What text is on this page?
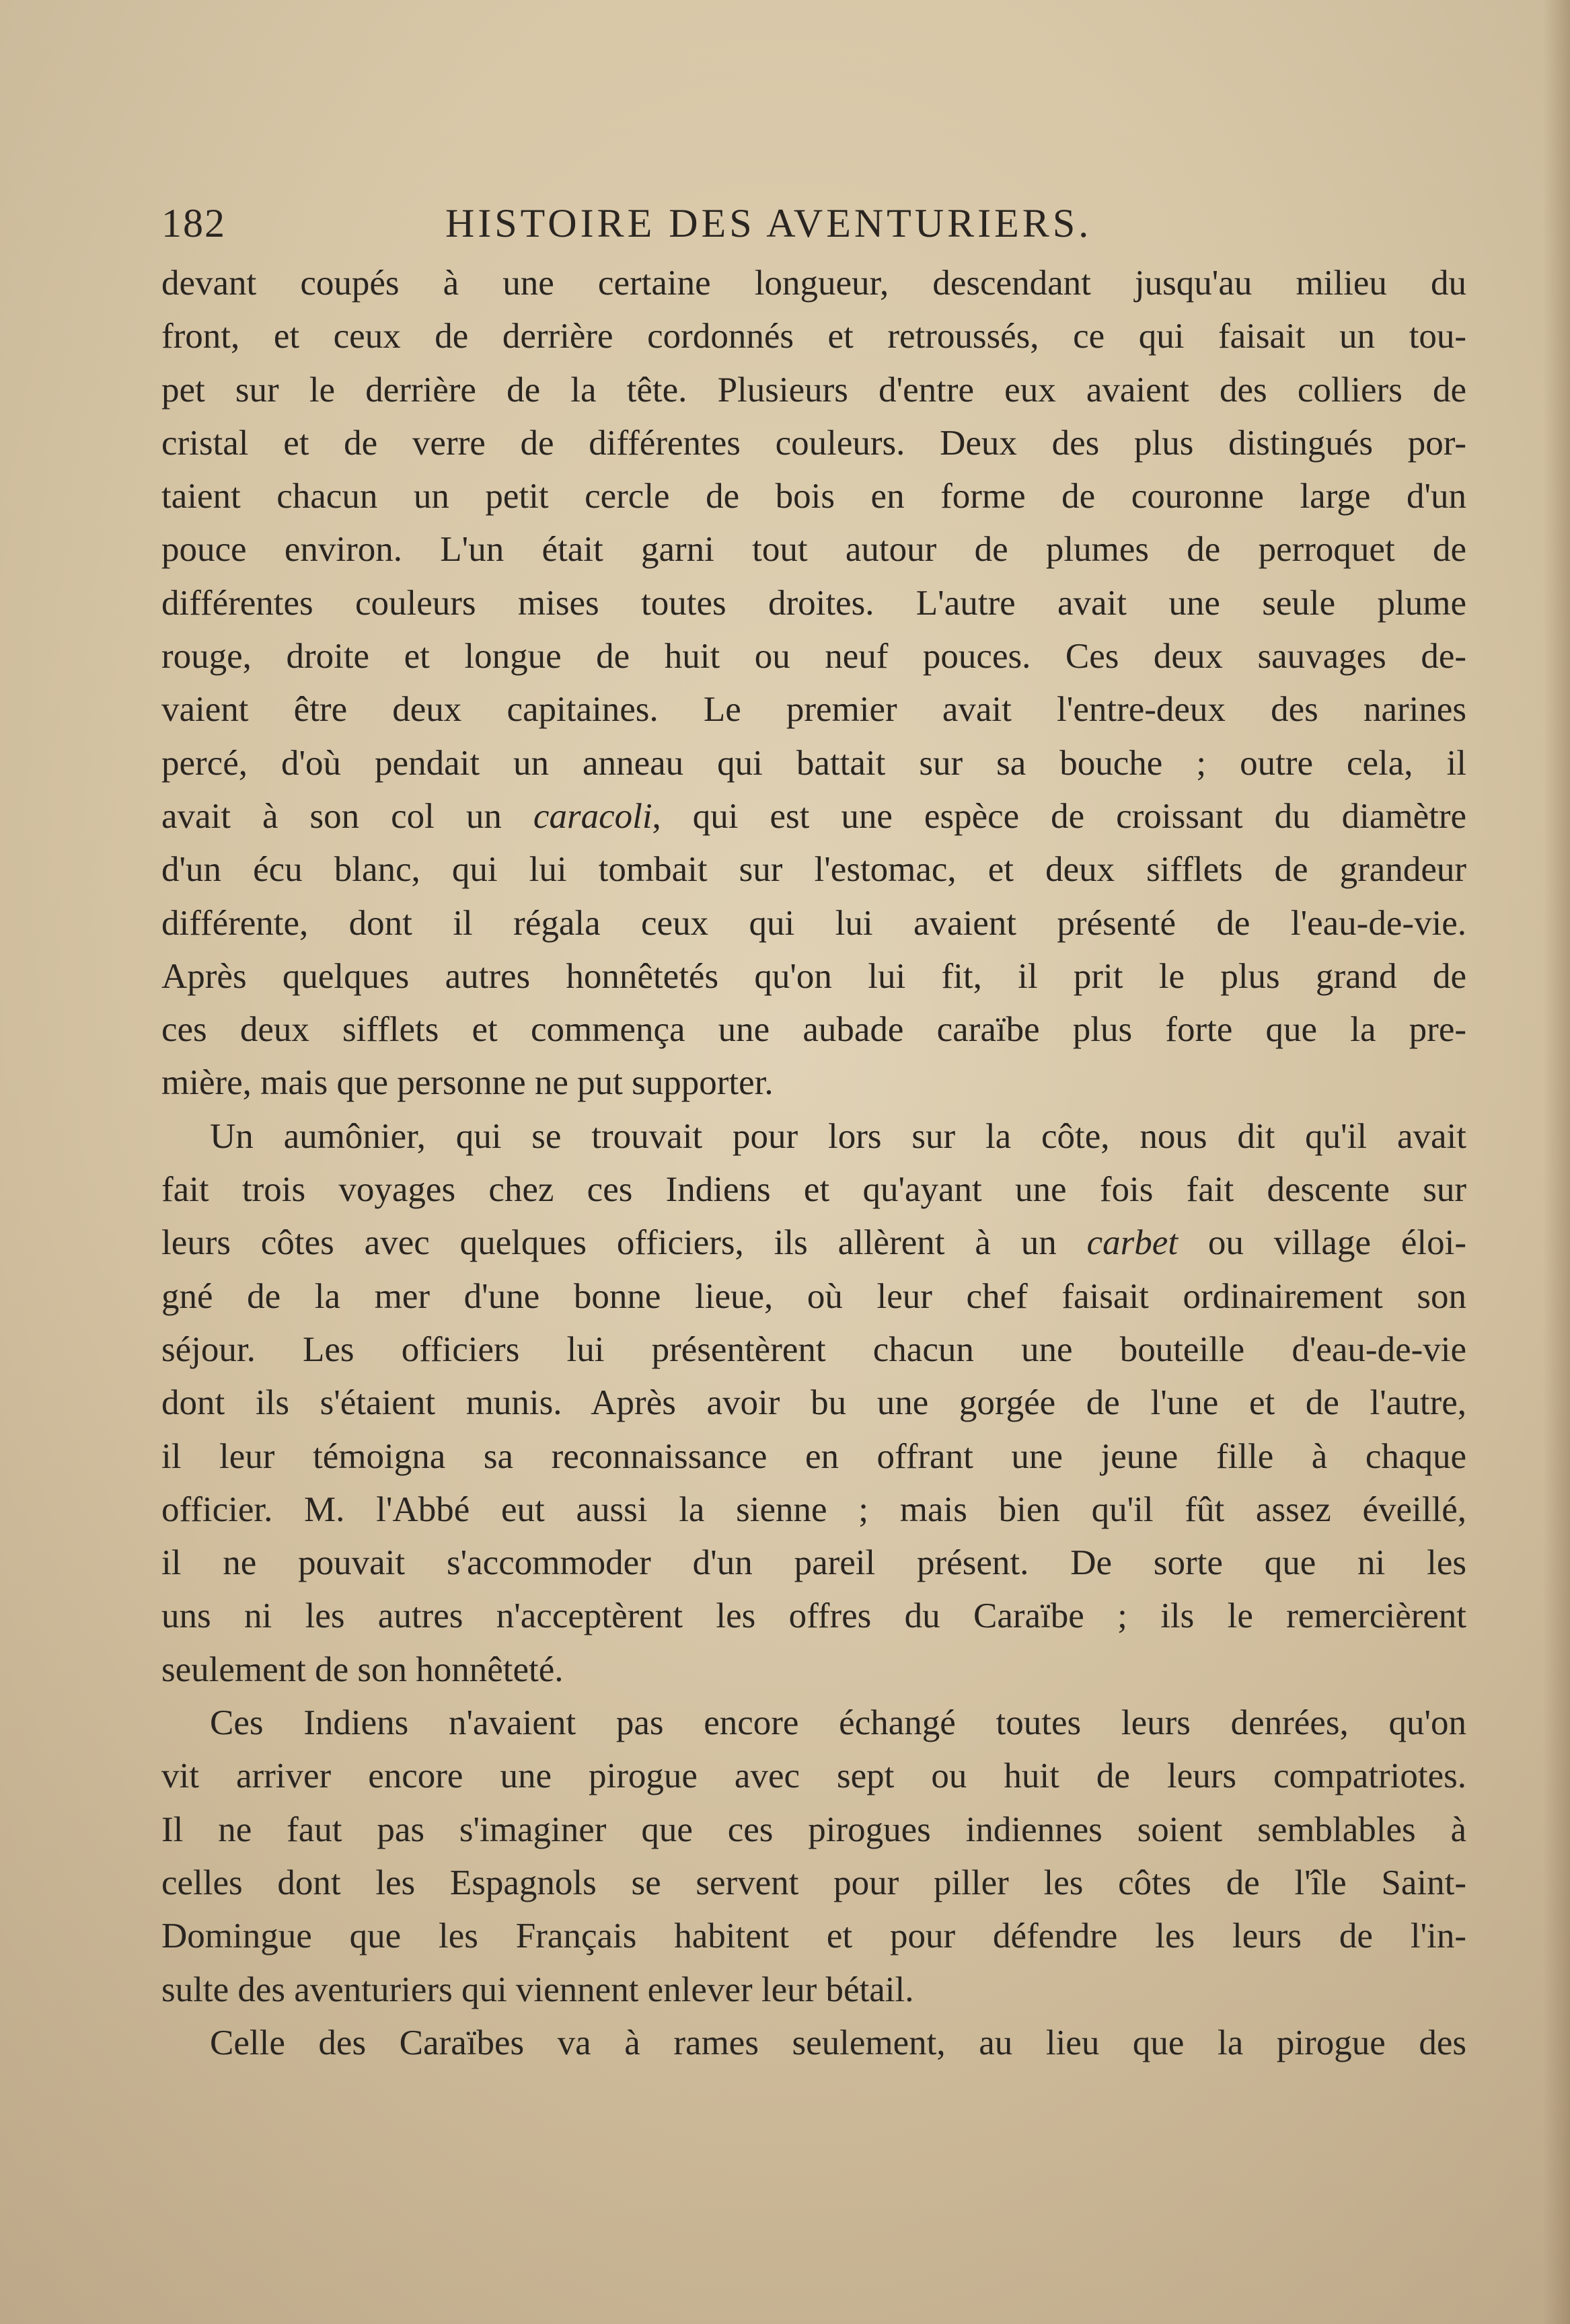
182	HISTOIRE DES AVENTURIERS.
devant coupés à une certaine longueur, descendant jusqu'au milieu du
front, et ceux de derrière cordonnés et retroussés, ce qui faisait un tou-
pet sur le derrière de la tête. Plusieurs d'entre eux avaient des colliers de
cristal et de verre de différentes couleurs. Deux des plus distingués por-
taient chacun un petit cercle de bois en forme de couronne large d'un
pouce environ. L'un était garni tout autour de plumes de perroquet de
différentes couleurs mises toutes droites. L'autre avait une seule plume
rouge, droite et longue de huit ou neuf pouces. Ces deux sauvages de-
vaient être deux capitaines. Le premier avait l'entre-deux des narines
percé, d'où pendait un anneau qui battait sur sa bouche ; outre cela, il
avait à son col un caracoli, qui est une espèce de croissant du diamètre
d'un écu blanc, qui lui tombait sur l'estomac, et deux sifflets de grandeur
différente, dont il régala ceux qui lui avaient présenté de l'eau-de-vie.
Après quelques autres honnêtetés qu'on lui fit, il prit le plus grand de
ces deux sifflets et commença une aubade caraïbe plus forte que la pre-
mière, mais que personne ne put supporter.
Un aumônier, qui se trouvait pour lors sur la côte, nous dit qu'il avait
fait trois voyages chez ces Indiens et qu'ayant une fois fait descente sur
leurs côtes avec quelques officiers, ils allèrent à un carbet ou village éloi-
gné de la mer d'une bonne lieue, où leur chef faisait ordinairement son
séjour. Les officiers lui présentèrent chacun une bouteille d'eau-de-vie
dont ils s'étaient munis. Après avoir bu une gorgée de l'une et de l'autre,
il leur témoigna sa reconnaissance en offrant une jeune fille à chaque
officier. M. l'Abbé eut aussi la sienne ; mais bien qu'il fût assez éveillé,
il ne pouvait s'accommoder d'un pareil présent. De sorte que ni les
uns ni les autres n'acceptèrent les offres du Caraïbe ; ils le remercièrent
seulement de son honnêteté.
Ces Indiens n'avaient pas encore échangé toutes leurs denrées, qu'on
vit arriver encore une pirogue avec sept ou huit de leurs compatriotes.
Il ne faut pas s'imaginer que ces pirogues indiennes soient semblables à
celles dont les Espagnols se servent pour piller les côtes de l'île Saint-
Domingue que les Français habitent et pour défendre les leurs de l'in-
sulte des aventuriers qui viennent enlever leur bétail.
Celle des Caraïbes va à rames seulement, au lieu que la pirogue des
